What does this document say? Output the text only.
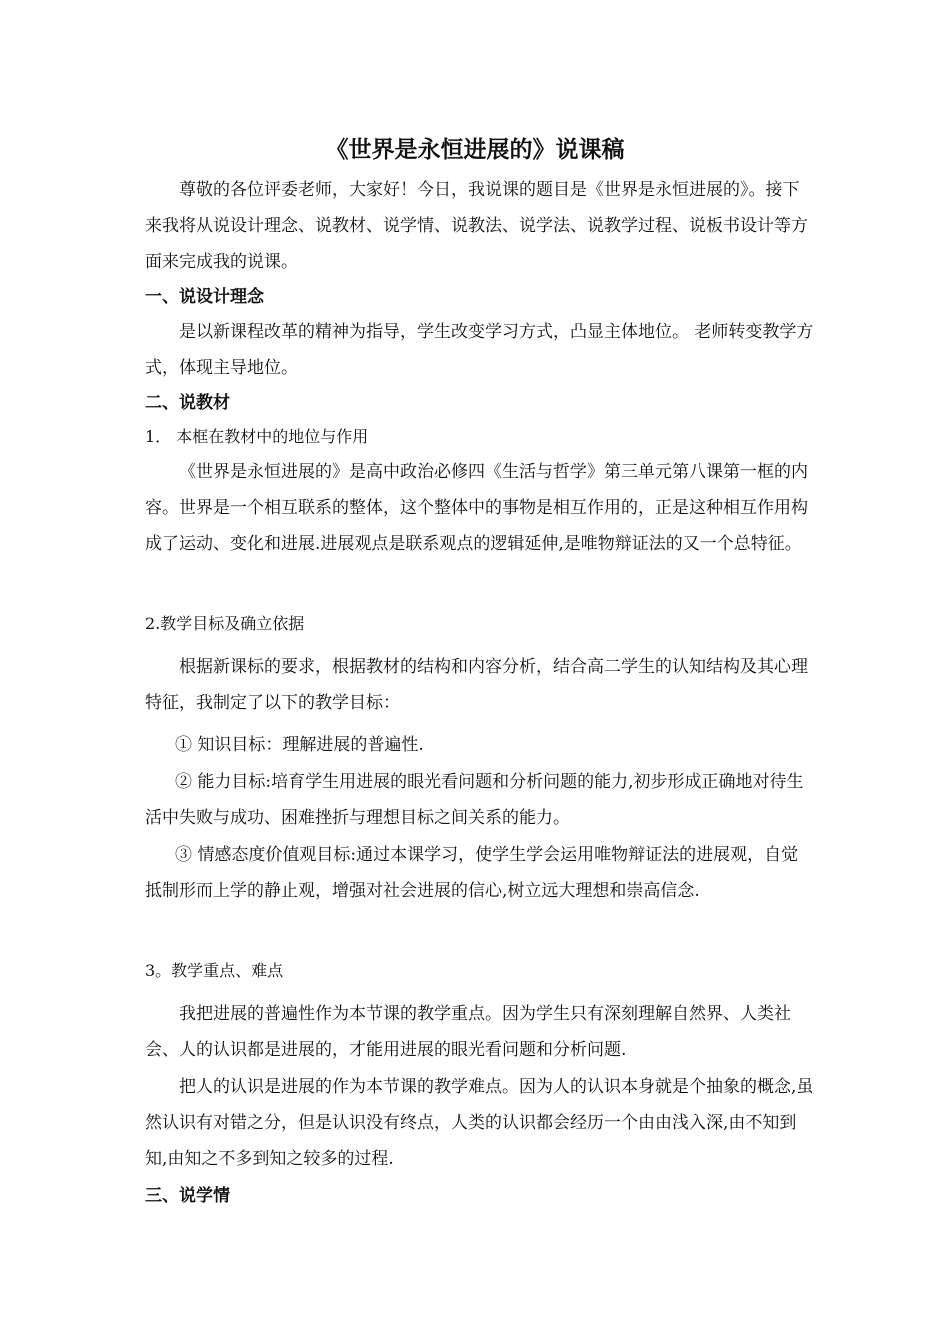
《世界是永恒进展的》说课稿

尊敬的各位评委老师，大家好！今日，我说课的题目是《世界是永恒进展的》。接下来我将从说设计理念、说教材、说学情、说教法、说学法、说教学过程、说板书设计等方面来完成我的说课。

一、说设计理念

是以新课程改革的精神为指导，学生改变学习方式，凸显主体地位。 老师转变教学方式，体现主导地位。

二、说教材
1． 本框在教材中的地位与作用

《世界是永恒进展的》是高中政治必修四《生活与哲学》第三单元第八课第一框的内容。世界是一个相互联系的整体，这个整体中的事物是相互作用的，正是这种相互作用构成了运动、变化和进展.进展观点是联系观点的逻辑延伸,是唯物辩证法的又一个总特征。

2.教学目标及确立依据

根据新课标的要求，根据教材的结构和内容分析，结合高二学生的认知结构及其心理特征，我制定了以下的教学目标：

① 知识目标：理解进展的普遍性.
② 能力目标:培育学生用进展的眼光看问题和分析问题的能力,初步形成正确地对待生活中失败与成功、困难挫折与理想目标之间关系的能力。
③ 情感态度价值观目标:通过本课学习，使学生学会运用唯物辩证法的进展观，自觉抵制形而上学的静止观，增强对社会进展的信心,树立远大理想和崇高信念.
3。教学重点、难点

我把进展的普遍性作为本节课的教学重点。因为学生只有深刻理解自然界、人类社会、人的认识都是进展的，才能用进展的眼光看问题和分析问题.

把人的认识是进展的作为本节课的教学难点。因为人的认识本身就是个抽象的概念,虽然认识有对错之分，但是认识没有终点，人类的认识都会经历一个由由浅入深,由不知到知,由知之不多到知之较多的过程.

三、说学情
